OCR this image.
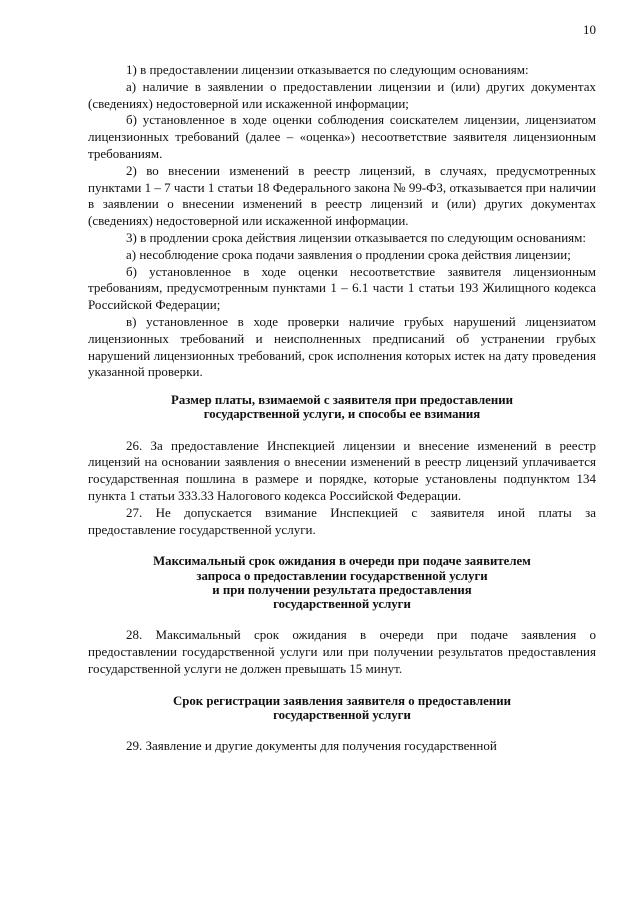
10

1) в предоставлении лицензии отказывается по следующим основаниям:

а) наличие в заявлении о предоставлении лицензии и (или) других документах (сведениях) недостоверной или искаженной информации;

б) установленное в ходе оценки соблюдения соискателем лицензии, лицензиатом лицензионных требований (далее – «оценка») несоответствие заявителя лицензионным требованиям.

2) во внесении изменений в реестр лицензий, в случаях, предусмотренных пунктами 1 – 7 части 1 статьи 18 Федерального закона № 99-ФЗ, отказывается при наличии в заявлении о внесении изменений в реестр лицензий и (или) других документах (сведениях) недостоверной или искаженной информации.

3) в продлении срока действия лицензии отказывается по следующим основаниям:

а) несоблюдение срока подачи заявления о продлении срока действия лицензии;

б) установленное в ходе оценки несоответствие заявителя лицензионным требованиям, предусмотренным пунктами 1 – 6.1 части 1 статьи 193 Жилищного кодекса Российской Федерации;

в) установленное в ходе проверки наличие грубых нарушений лицензиатом лицензионных требований и неисполненных предписаний об устранении грубых нарушений лицензионных требований, срок исполнения которых истек на дату проведения указанной проверки.

Размер платы, взимаемой с заявителя при предоставлении
государственной услуги, и способы ее взимания

26. За предоставление Инспекцией лицензии и внесение изменений в реестр лицензий на основании заявления о внесении изменений в реестр лицензий уплачивается государственная пошлина в размере и порядке, которые установлены подпунктом 134 пункта 1 статьи 333.33 Налогового кодекса Российской Федерации.

27. Не допускается взимание Инспекцией с заявителя иной платы за предоставление государственной услуги.

Максимальный срок ожидания в очереди при подаче заявителем
запроса о предоставлении государственной услуги
и при получении результата предоставления
государственной услуги

28. Максимальный срок ожидания в очереди при подаче заявления о предоставлении государственной услуги или при получении результатов предоставления государственной услуги не должен превышать 15 минут.

Срок регистрации заявления заявителя о предоставлении
государственной услуги

29. Заявление и другие документы для получения государственной
